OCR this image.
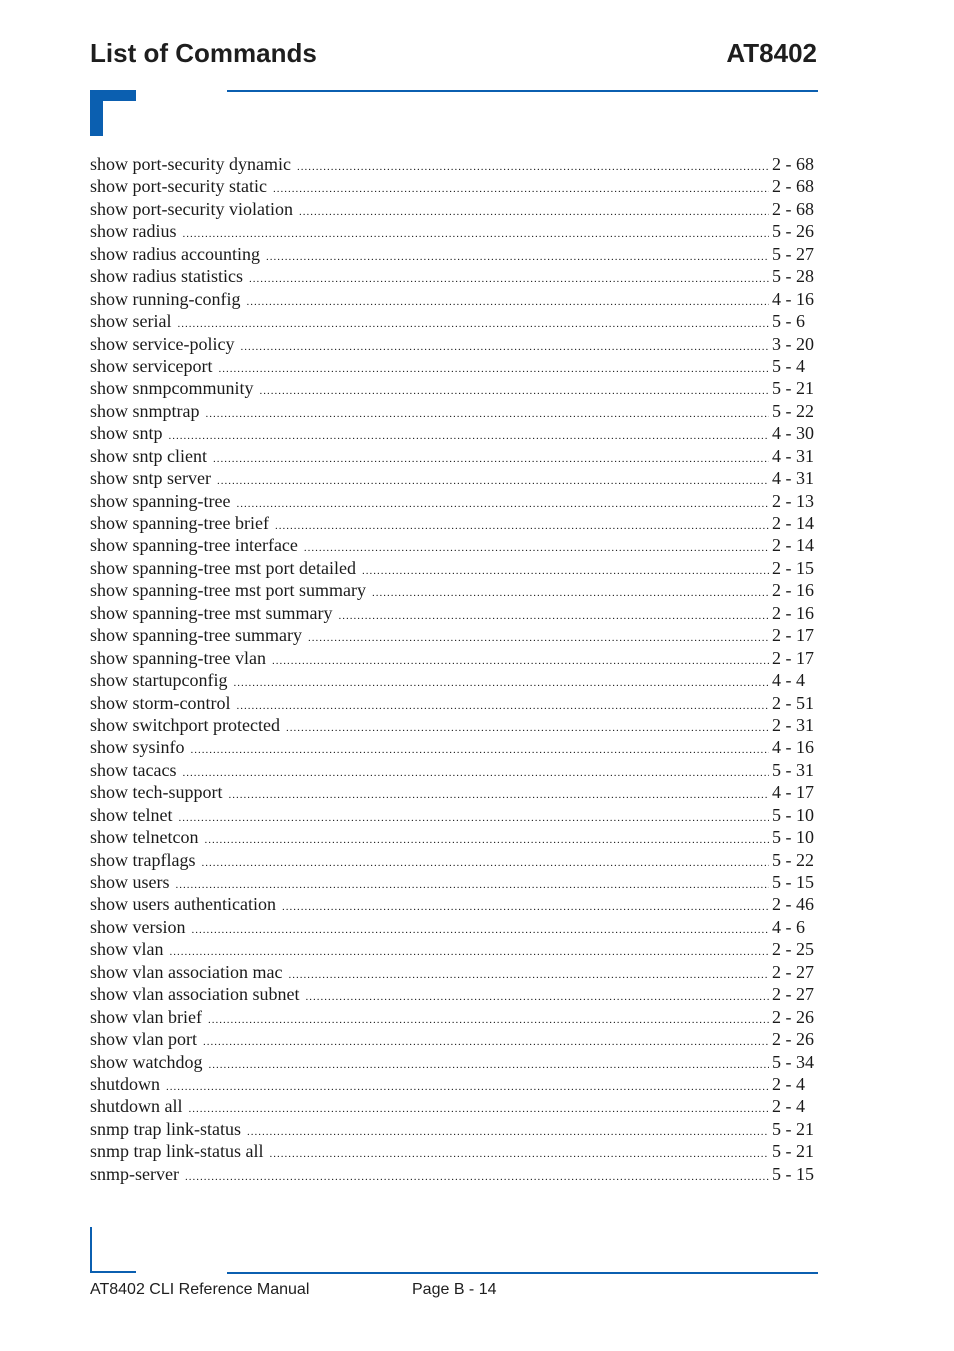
List of Commands	AT8402
show port-security dynamic .....	2 - 68
show port-security static .....	2 - 68
show port-security violation .....	2 - 68
show radius .....	5 - 26
show radius accounting .....	5 - 27
show radius statistics .....	5 - 28
show running-config .....	4 - 16
show serial .....	5 - 6
show service-policy .....	3 - 20
show serviceport .....	5 - 4
show snmpcommunity .....	5 - 21
show snmptrap .....	5 - 22
show sntp .....	4 - 30
show sntp client .....	4 - 31
show sntp server .....	4 - 31
show spanning-tree .....	2 - 13
show spanning-tree brief .....	2 - 14
show spanning-tree interface .....	2 - 14
show spanning-tree mst port detailed .....	2 - 15
show spanning-tree mst port summary .....	2 - 16
show spanning-tree mst summary .....	2 - 16
show spanning-tree summary .....	2 - 17
show spanning-tree vlan .....	2 - 17
show startupconfig .....	4 - 4
show storm-control .....	2 - 51
show switchport protected .....	2 - 31
show sysinfo .....	4 - 16
show tacacs .....	5 - 31
show tech-support .....	4 - 17
show telnet .....	5 - 10
show telnetcon .....	5 - 10
show trapflags .....	5 - 22
show users .....	5 - 15
show users authentication .....	2 - 46
show version .....	4 - 6
show vlan .....	2 - 25
show vlan association mac .....	2 - 27
show vlan association subnet .....	2 - 27
show vlan brief .....	2 - 26
show vlan port .....	2 - 26
show watchdog .....	5 - 34
shutdown .....	2 - 4
shutdown all .....	2 - 4
snmp trap link-status .....	5 - 21
snmp trap link-status all .....	5 - 21
snmp-server .....	5 - 15
AT8402 CLI Reference Manual	Page B - 14
